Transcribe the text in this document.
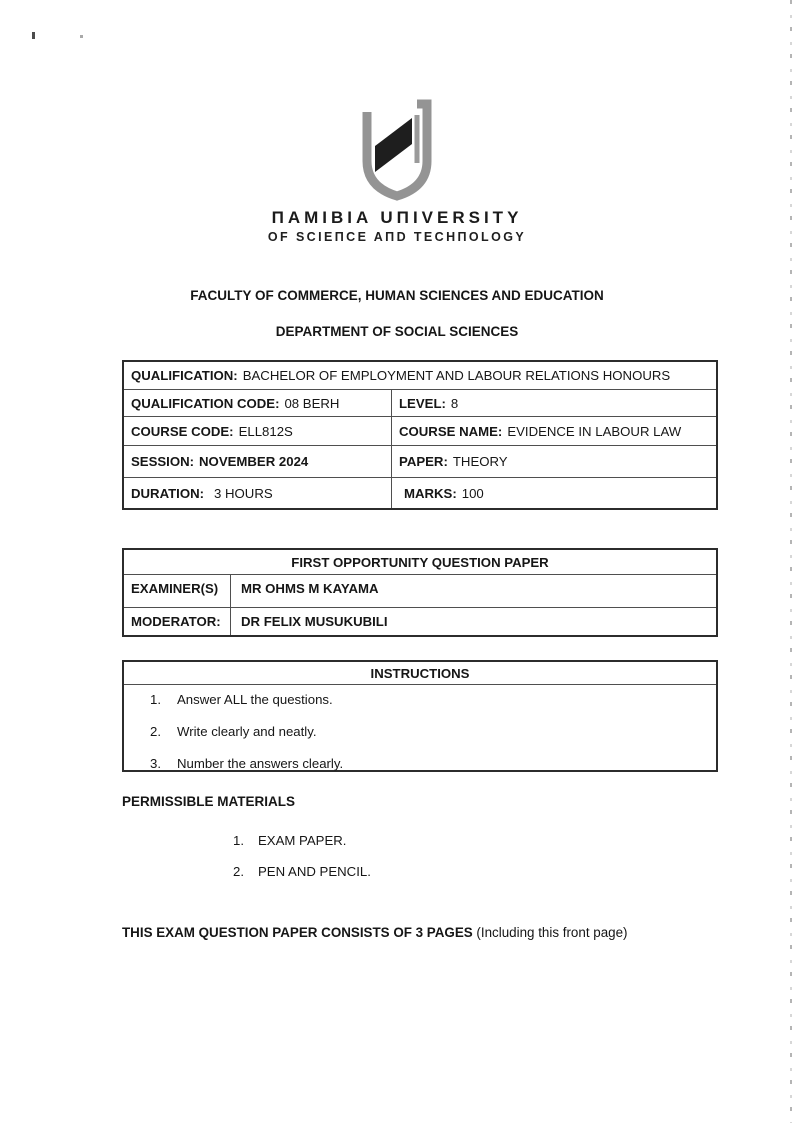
ΠAMIBIA UΠIVERSITY
OF SCIEΠCE AΠD TECHΠOLOGY
FACULTY OF COMMERCE, HUMAN SCIENCES AND EDUCATION
DEPARTMENT OF SOCIAL SCIENCES
QUALIFICATION: BACHELOR OF EMPLOYMENT AND LABOUR RELATIONS HONOURS
QUALIFICATION CODE: 08 BERH	LEVEL: 8
COURSE CODE: ELL812S	COURSE NAME: EVIDENCE IN LABOUR LAW
SESSION: NOVEMBER 2024	PAPER: THEORY
DURATION: 3 HOURS	MARKS: 100
FIRST OPPORTUNITY QUESTION PAPER
EXAMINER(S)	MR OHMS M KAYAMA
MODERATOR:	DR FELIX MUSUKUBILI
INSTRUCTIONS
1.	Answer ALL the questions.
2.	Write clearly and neatly.
3.	Number the answers clearly.
PERMISSIBLE MATERIALS
1.	EXAM PAPER.
2.	PEN AND PENCIL.
THIS EXAM QUESTION PAPER CONSISTS OF 3 PAGES (Including this front page)
